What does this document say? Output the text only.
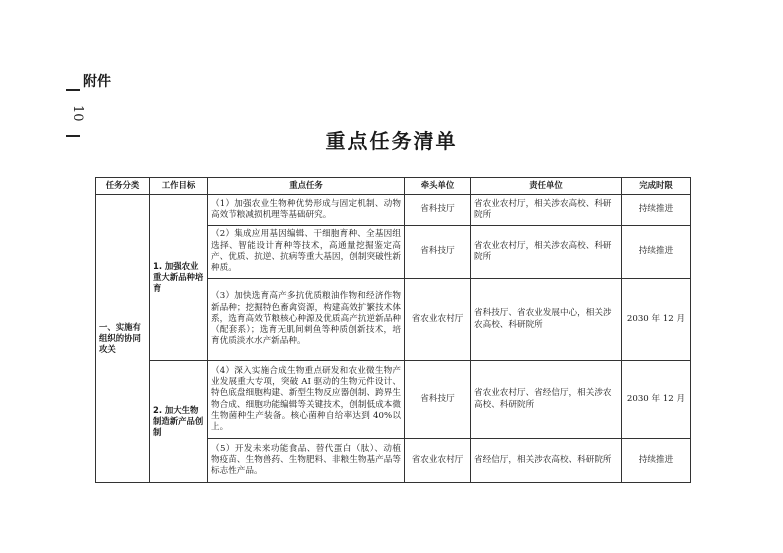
附件
10
重点任务清单
任务分类	工作目标	重点任务	牵头单位	责任单位	完成时限
一、实施有组织的协同攻关	1. 加强农业重大新品种培育	（1）加强农业生物种优势形成与固定机制、动物高效节粮减损机理等基础研究。	省科技厅	省农业农村厅，相关涉农高校、科研院所	持续推进
		（2）集成应用基因编辑、干细胞育种、全基因组选择、智能设计育种等技术，高通量挖掘鉴定高产、优质、抗逆、抗病等重大基因，创制突破性新种质。	省科技厅	省农业农村厅，相关涉农高校、科研院所	持续推进
		（3）加快选育高产多抗优质粮油作物和经济作物新品种；挖掘特色畜禽资源，构建高效扩繁技术体系，选育高效节粮核心种源及优质高产抗逆新品种（配套系）；选育无肌间刺鱼等种质创新技术，培育优质淡水水产新品种。	省农业农村厅	省科技厅、省农业发展中心，相关涉农高校、科研院所	2030 年 12 月
	2. 加大生物制造新产品创制	（4）深入实施合成生物重点研发和农业微生物产业发展重大专项，突破 AI 驱动的生物元件设计、特色底盘细胞构建、新型生物反应器创制、跨界生物合成、细胞功能编辑等关键技术，创制低成本微生物菌种生产装备。核心菌种自给率达到 40%以上。	省科技厅	省农业农村厅、省经信厅，相关涉农高校、科研院所	2030 年 12 月
		（5）开发未来功能食品、替代蛋白（肽）、动植物疫苗、生物兽药、生物肥料、非粮生物基产品等标志性产品。	省农业农村厅	省经信厅，相关涉农高校、科研院所	持续推进
